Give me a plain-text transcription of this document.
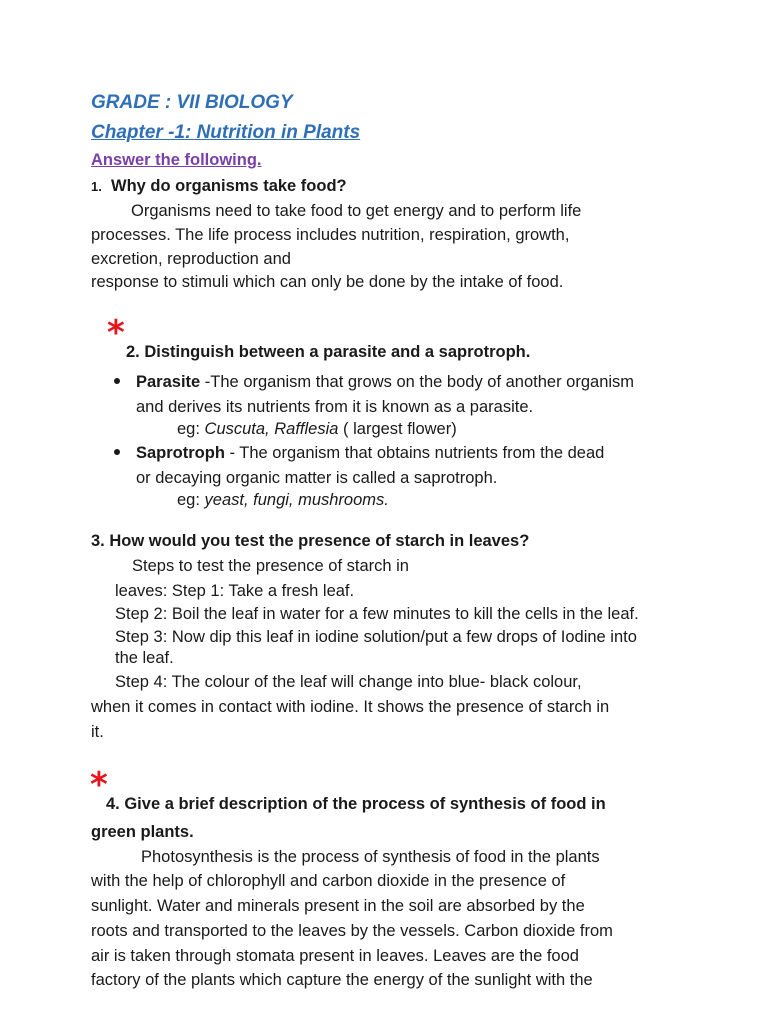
GRADE : VII BIOLOGY
Chapter -1: Nutrition in Plants
Answer the following.
1. Why do organisms take food?
Organisms need to take food to get energy and to perform life
processes. The life process includes nutrition, respiration, growth,
excretion, reproduction and
response to stimuli which can only be done by the intake of food.
* 2. Distinguish between a parasite and a saprotroph.
Parasite -The organism that grows on the body of another organism
and derives its nutrients from it is known as a parasite.
eg: Cuscuta, Rafflesia ( largest flower)
Saprotroph - The organism that obtains nutrients from the dead
or decaying organic matter is called a saprotroph.
eg: yeast, fungi, mushrooms.
3. How would you test the presence of starch in leaves?
Steps to test the presence of starch in
leaves: Step 1: Take a fresh leaf.
Step 2: Boil the leaf in water for a few minutes to kill the cells in the leaf.
Step 3: Now dip this leaf in iodine solution/put a few drops of Iodine into
the leaf.
Step 4: The colour of the leaf will change into blue- black colour,
when it comes in contact with iodine. It shows the presence of starch in
it.
*
4. Give a brief description of the process of synthesis of food in
green plants.
Photosynthesis is the process of synthesis of food in the plants
with the help of chlorophyll and carbon dioxide in the presence of
sunlight. Water and minerals present in the soil are absorbed by the
roots and transported to the leaves by the vessels. Carbon dioxide from
air is taken through stomata present in leaves. Leaves are the food
factory of the plants which capture the energy of the sunlight with the
